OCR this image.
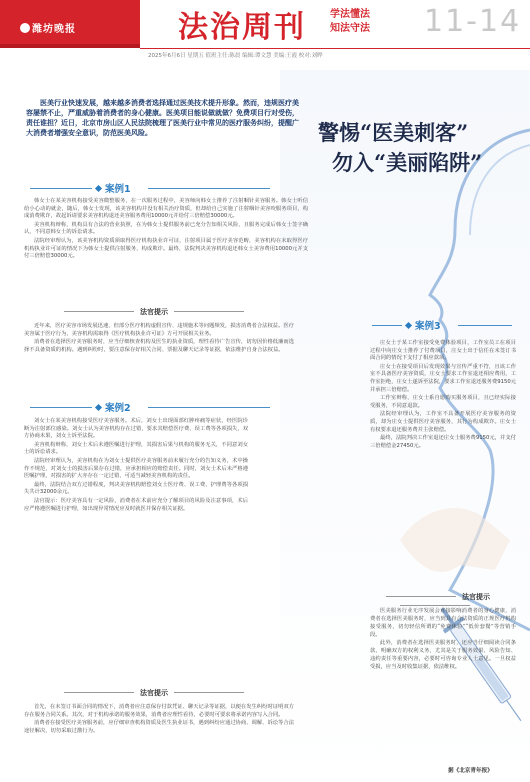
潍坊晚报	法治周刊 学法懂法
知法守法 11-14
2025年6月6日 星期五 值班主任:陈晨 编辑:谭文慧 美编:王霞 校对:刘晔
警惕“医美刺客”
勿入“美丽陷阱”
医美行业快速发展，越来越多消费者选择通过医美技术提升形象。然而，违规医疗美容屡禁不止，严重威胁着消费者的身心健康。医美项目能说做就做？免费项目行对受伤，责任谁担？近日，北京市房山区人民法院梳理了医美行业中常见的医疗服务纠纷，提醒广大消费者增强安全意识，防范医美风险。
案例1

韩女士在某美容机构接受美容微整服务，在一次服务过程中，美容师向韩女士推荐了注射咽针美容服务。韩女士听信给小心动的就金，随后，韩女士发现，该美容机构并没有相关治疗资质，但却给自己实施了注射咽针美容咬服务项目，构成消费欺诈，故起诉请要求美容机构退还美容服务费用10000元并给付三倍赔偿30000元。

美容机构辩称，机构具有合法的营业执照，在为韩女士提供服务前已充分告知相关风险，且服务完成后韩女士签字确认，不同意韩女士的诉讼请求。

法院经审理认为，该美容机构资质须取得医疗机构执业许可证，注射项目属于医疗美容范畴，美容机构在未取得医疗机构执业许可证的情况下为韩女士提供注射服务，构成欺诈。最终，法院判决美容机构退还韩女士美容费用10000元并支付三倍赔偿30000元。

法官提示

近年来，医疗美容市场发展迅速，但部分医疗机构虚假宣传、违规施术等问题频发，损害消费者合法权益。医疗美容属于医疗行为，美容机构需取得《医疗机构执业许可证》方可开展相关业务。

消费者在选择医疗美容服务时，应当仔细核查机构及医生的执业资质，理性看待广告宣传，切勿因价格低廉而选择不具备资质的机构。遇到纠纷时，要注意保存好相关合同、票据及聊天记录等证据，依法维护自身合法权益。

案例2

刘女士在某美容机构接受医疗美容服务。术后，刘女士出现面部红肿疼痛等症状，经医院诊断为注射部位感染。刘女士认为美容机构存在过错，要求其赔偿医疗费、误工费等各项损失，双方协商未果，刘女士诉至法院。

美容机构辩称，刘女士术后未遵医嘱进行护理，其损害后果与机构的服务无关，不同意刘女士的诉讼请求。

法院经审理认为，美容机构在为刘女士提供医疗美容服务前未履行充分的告知义务，术中操作不规范，对刘女士的损害后果存在过错，应承担相应的赔偿责任。同时，刘女士术后未严格遵医嘱护理，对损害的扩大亦存在一定过错，可适当减轻美容机构的责任。

最终，法院结合双方过错程度，判决美容机构赔偿刘女士医疗费、误工费、护理费等各项损失共计32000余元。

法官提示：医疗美容具有一定风险，消费者在术前应充分了解项目的风险及注意事项，术后应严格遵医嘱进行护理，如出现异常情况应及时就医并保存相关证据。

法官提示

首先，在未签订书面合同的情况下，消费者应注意保存付款凭证、聊天记录等证据，以便在发生纠纷时证明双方存在服务合同关系。其次，对于机构承诺的服务效果，消费者应理性看待，必要时可要求将承诺内容写入合同。

消费者在接受医疗美容服务前，应仔细审查机构资质及医生执业证书，遇到纠纷应通过协商、调解、诉讼等合法途径解决，切勿采取过激行为。

案例3

庄女士于某工作室接受免费体验项目，工作室员工在项目过程中向庄女士推荐了付费项目，庄女士出于信任在未签订书面合同的情况下支付了相应款项。

庄女士在接受项目后发现效果与宣传严重不符，且该工作室不具备医疗美容资质，庄女士要求工作室退还相应费用，工作室拒绝，庄女士遂诉至法院，要求工作室退还服务费9150元并承担三倍赔偿。

工作室辩称，庄女士系自愿购买服务项目，且已经实际接受服务，不同意退款。

法院经审理认为，工作室不具备开展医疗美容服务的资质，却为庄女士提供医疗美容服务，其行为构成欺诈。庄女士有权要求退还服务费并主张赔偿。

最终，法院判决工作室退还庄女士服务费9150元，并支付三倍赔偿金27450元。

法官提示

医美服务行业无序发展会直接影响消费者的身心健康，消费者在选择医美服务时，应当到具有合法资质的正规医疗机构接受服务，切勿轻信所谓的“免费体验”“低价套餐”等营销手段。

此外，消费者在选择医美服务时，还应当仔细阅读合同条款，明确双方的权利义务，尤其是关于服务效果、风险告知、违约责任等重要内容，必要时可咨询专业人士意见。一旦权益受损，应当及时收集证据，依法维权。

据《北京青年报》
